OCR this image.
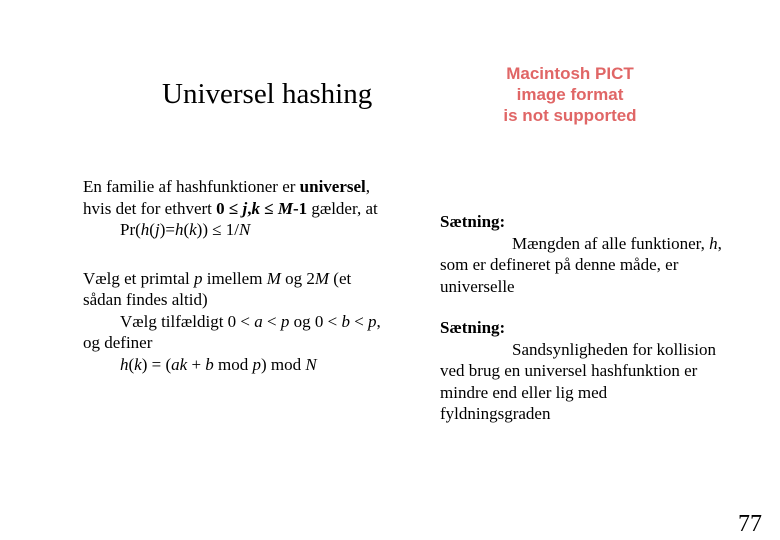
Universel hashing
Macintosh PICT
image format
is not supported
En familie af hashfunktioner er universel,
hvis det for ethvert 0 ≤ j,k ≤ M-1 gælder, at
Pr(h(j)=h(k)) ≤ 1/N
Vælg et primtal p imellem M og 2M (et
sådan findes altid)
Vælg tilfældigt 0 < a < p og 0 < b < p,
og definer
h(k) = (ak + b mod p) mod N
Sætning:
Mængden af alle funktioner, h,
som er defineret på denne måde, er
universelle
Sætning:
Sandsynligheden for kollision
ved brug en universel hashfunktion er
mindre end eller lig med
fyldningsgraden
77
